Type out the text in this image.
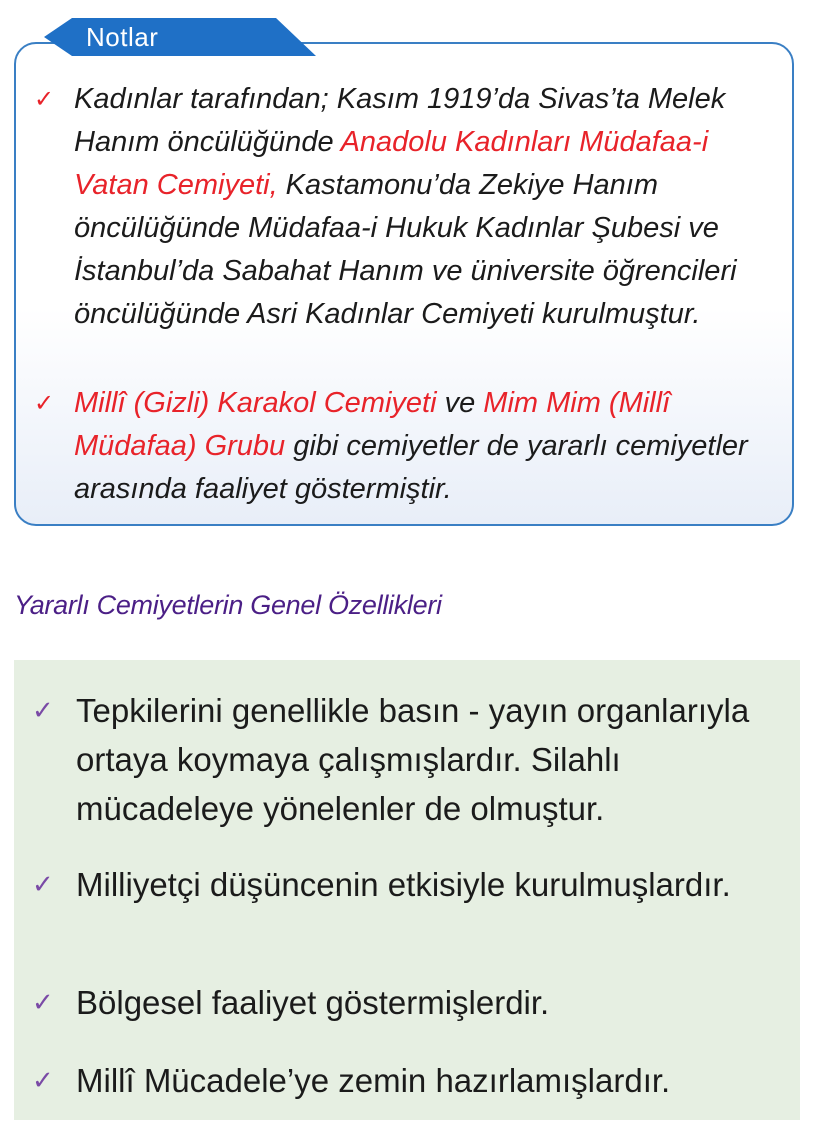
Notlar
✓ Kadınlar tarafından; Kasım 1919’da Sivas’ta Melek Hanım öncülüğünde Anadolu Kadınları Müdafaa-i Vatan Cemiyeti, Kastamonu’da Zekiye Hanım öncülüğünde Müdafaa-i Hukuk Kadınlar Şubesi ve İstanbul’da Sabahat Hanım ve üniversite öğrencileri öncülüğünde Asri Kadınlar Cemiyeti kurulmuştur.
✓ Millî (Gizli) Karakol Cemiyeti ve Mim Mim (Millî Müdafaa) Grubu gibi cemiyetler de yararlı cemiyetler arasında faaliyet göstermiştir.
Yararlı Cemiyetlerin Genel Özellikleri
✓ Tepkilerini genellikle basın - yayın organlarıyla ortaya koymaya çalışmışlardır. Silahlı mücadeleye yönelenler de olmuştur.
✓ Milliyetçi düşüncenin etkisiyle kurulmuşlardır.
✓ Bölgesel faaliyet göstermişlerdir.
✓ Millî Mücadele’ye zemin hazırlamışlardır.
